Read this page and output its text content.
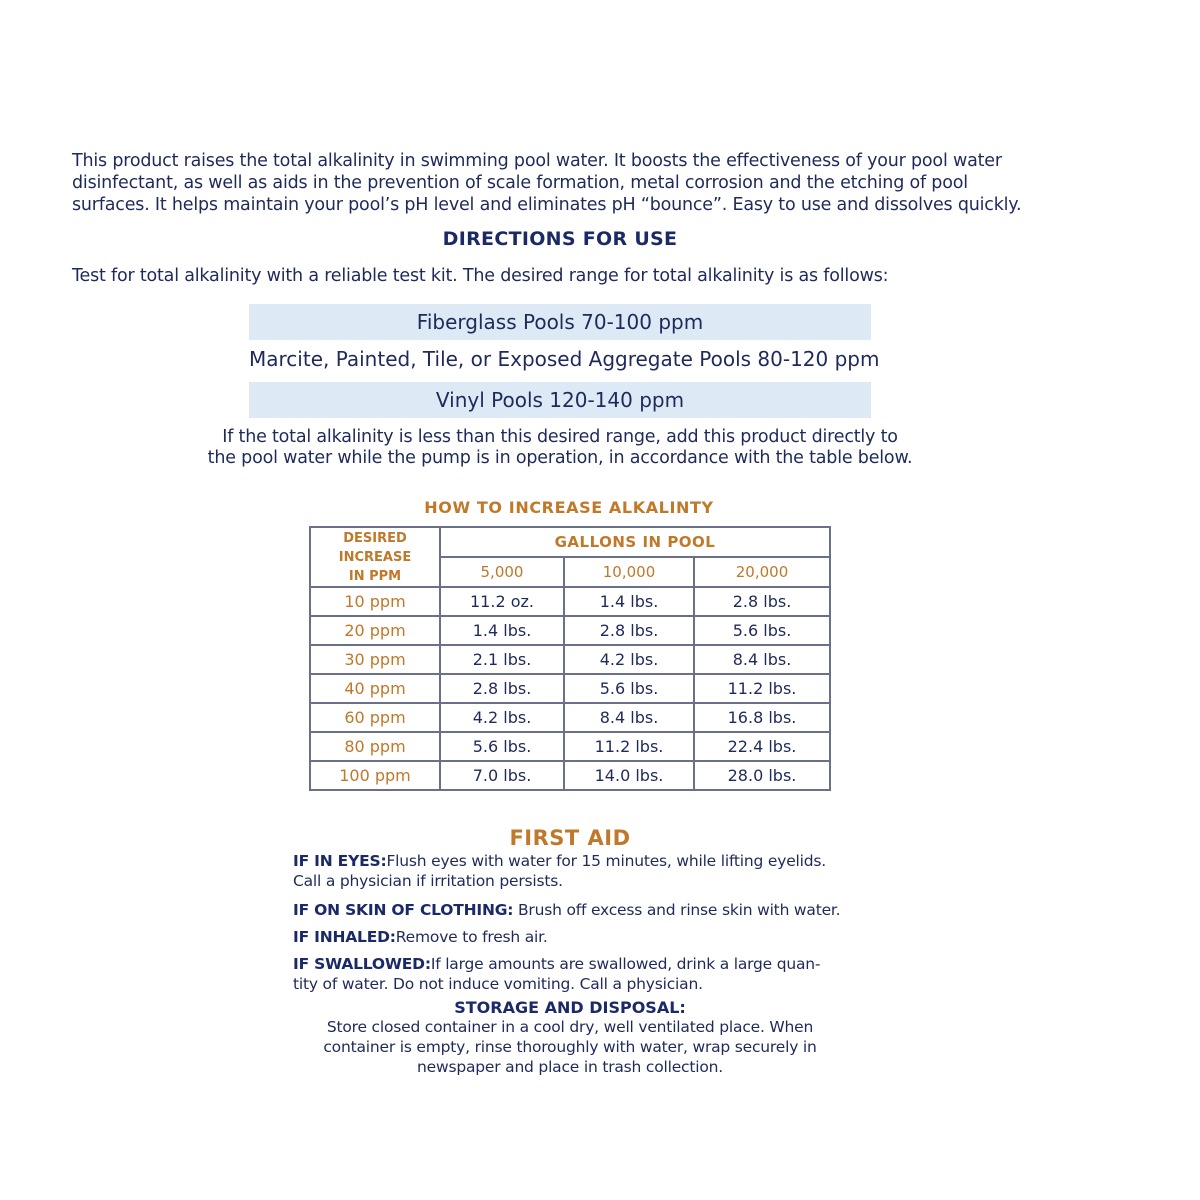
This product raises the total alkalinity in swimming pool water. It boosts the effectiveness of your pool water
disinfectant, as well as aids in the prevention of scale formation, metal corrosion and the etching of pool
surfaces. It helps maintain your pool’s pH level and eliminates pH “bounce”. Easy to use and dissolves quickly.
DIRECTIONS FOR USE
Test for total alkalinity with a reliable test kit. The desired range for total alkalinity is as follows:
Fiberglass Pools 70-100 ppm
Marcite, Painted, Tile, or Exposed Aggregate Pools 80-120 ppm
Vinyl Pools 120-140 ppm
If the total alkalinity is less than this desired range, add this product directly to
the pool water while the pump is in operation, in accordance with the table below.
HOW TO INCREASE ALKALINTY
DESIRED
INCREASE
IN PPM	GALLONS IN POOL		
	5,000	10,000	20,000
10 ppm	11.2 oz.	1.4 lbs.	2.8 lbs.
20 ppm	1.4 lbs.	2.8 lbs.	5.6 lbs.
30 ppm	2.1 lbs.	4.2 lbs.	8.4 lbs.
40 ppm	2.8 lbs.	5.6 lbs.	11.2 lbs.
60 ppm	4.2 lbs.	8.4 lbs.	16.8 lbs.
80 ppm	5.6 lbs.	11.2 lbs.	22.4 lbs.
100 ppm	7.0 lbs.	14.0 lbs.	28.0 lbs.
FIRST AID
IF IN EYES:Flush eyes with water for 15 minutes, while lifting eyelids.
Call a physician if irritation persists.
IF ON SKIN OF CLOTHING: Brush off excess and rinse skin with water.
IF INHALED:Remove to fresh air.
IF SWALLOWED:If large amounts are swallowed, drink a large quan-
tity of water. Do not induce vomiting. Call a physician.
STORAGE AND DISPOSAL:
Store closed container in a cool dry, well ventilated place. When
container is empty, rinse thoroughly with water, wrap securely in
newspaper and place in trash collection.
